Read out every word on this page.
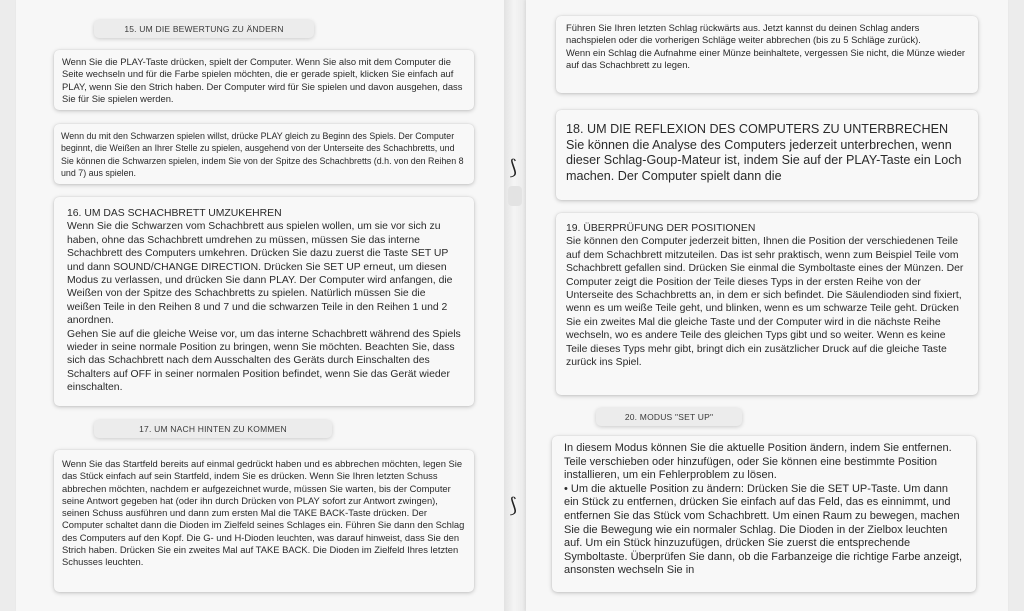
⟆
⟆
15. UM DIE BEWERTUNG ZU ÄNDERN
Wenn Sie die PLAY-Taste drücken, spielt der Computer. Wenn Sie also mit dem Computer die Seite wechseln und für die Farbe spielen möchten, die er gerade spielt, klicken Sie einfach auf PLAY, wenn Sie den Strich haben. Der Computer wird für Sie spielen und davon ausgehen, dass Sie für Sie spielen werden.
Wenn du mit den Schwarzen spielen willst, drücke PLAY gleich zu Beginn des Spiels. Der Computer beginnt, die Weißen an Ihrer Stelle zu spielen, ausgehend von der Unterseite des Schachbretts, und Sie können die Schwarzen spielen, indem Sie von der Spitze des Schachbretts (d.h. von den Reihen 8 und 7) aus spielen.
16. UM DAS SCHACHBRETT UMZUKEHREN
Wenn Sie die Schwarzen vom Schachbrett aus spielen wollen, um sie vor sich zu haben, ohne das Schachbrett umdrehen zu müssen, müssen Sie das interne Schachbrett des Computers umkehren. Drücken Sie dazu zuerst die Taste SET UP und dann SOUND/CHANGE DIRECTION. Drücken Sie SET UP erneut, um diesen Modus zu verlassen, und drücken Sie dann PLAY. Der Computer wird anfangen, die Weißen von der Spitze des Schachbretts zu spielen. Natürlich müssen Sie die weißen Teile in den Reihen 8 und 7 und die schwarzen Teile in den Reihen 1 und 2 anordnen.
Gehen Sie auf die gleiche Weise vor, um das interne Schachbrett während des Spiels wieder in seine normale Position zu bringen, wenn Sie möchten. Beachten Sie, dass sich das Schachbrett nach dem Ausschalten des Geräts durch Einschalten des Schalters auf OFF in seiner normalen Position befindet, wenn Sie das Gerät wieder einschalten.
17. UM NACH HINTEN ZU KOMMEN
Wenn Sie das Startfeld bereits auf einmal gedrückt haben und es abbrechen möchten, legen Sie das Stück einfach auf sein Startfeld, indem Sie es drücken. Wenn Sie Ihren letzten Schuss abbrechen möchten, nachdem er aufgezeichnet wurde, müssen Sie warten, bis der Computer seine Antwort gegeben hat (oder ihn durch Drücken von PLAY sofort zur Antwort zwingen), seinen Schuss ausführen und dann zum ersten Mal die TAKE BACK-Taste drücken. Der Computer schaltet dann die Dioden im Zielfeld seines Schlages ein. Führen Sie dann den Schlag des Computers auf den Kopf. Die G- und H-Dioden leuchten, was darauf hinweist, dass Sie den Strich haben. Drücken Sie ein zweites Mal auf TAKE BACK. Die Dioden im Zielfeld Ihres letzten Schusses leuchten.
Führen Sie Ihren letzten Schlag rückwärts aus. Jetzt kannst du deinen Schlag anders nachspielen oder die vorherigen Schläge weiter abbrechen (bis zu 5 Schläge zurück).
Wenn ein Schlag die Aufnahme einer Münze beinhaltete, vergessen Sie nicht, die Münze wieder auf das Schachbrett zu legen.
18. UM DIE REFLEXION DES COMPUTERS ZU UNTERBRECHEN
Sie können die Analyse des Computers jederzeit unterbrechen, wenn dieser Schlag-Goup-Mateur ist, indem Sie auf der PLAY-Taste ein Loch machen. Der Computer spielt dann die
19. ÜBERPRÜFUNG DER POSITIONEN
Sie können den Computer jederzeit bitten, Ihnen die Position der verschiedenen Teile auf dem Schachbrett mitzuteilen. Das ist sehr praktisch, wenn zum Beispiel Teile vom Schachbrett gefallen sind. Drücken Sie einmal die Symboltaste eines der Münzen. Der Computer zeigt die Position der Teile dieses Typs in der ersten Reihe von der Unterseite des Schachbretts an, in dem er sich befindet. Die Säulendioden sind fixiert, wenn es um weiße Teile geht, und blinken, wenn es um schwarze Teile geht. Drücken Sie ein zweites Mal die gleiche Taste und der Computer wird in die nächste Reihe wechseln, wo es andere Teile des gleichen Typs gibt und so weiter. Wenn es keine Teile dieses Typs mehr gibt, bringt dich ein zusätzlicher Druck auf die gleiche Taste zurück ins Spiel.
20. MODUS "SET UP"
In diesem Modus können Sie die aktuelle Position ändern, indem Sie entfernen. Teile verschieben oder hinzufügen, oder Sie können eine bestimmte Position installieren, um ein Fehlerproblem zu lösen.
• Um die aktuelle Position zu ändern: Drücken Sie die SET UP-Taste. Um dann ein Stück zu entfernen, drücken Sie einfach auf das Feld, das es einnimmt, und entfernen Sie das Stück vom Schachbrett. Um einen Raum zu bewegen, machen Sie die Bewegung wie ein normaler Schlag. Die Dioden in der Zielbox leuchten auf. Um ein Stück hinzuzufügen, drücken Sie zuerst die entsprechende Symboltaste. Überprüfen Sie dann, ob die Farbanzeige die richtige Farbe anzeigt, ansonsten wechseln Sie in
